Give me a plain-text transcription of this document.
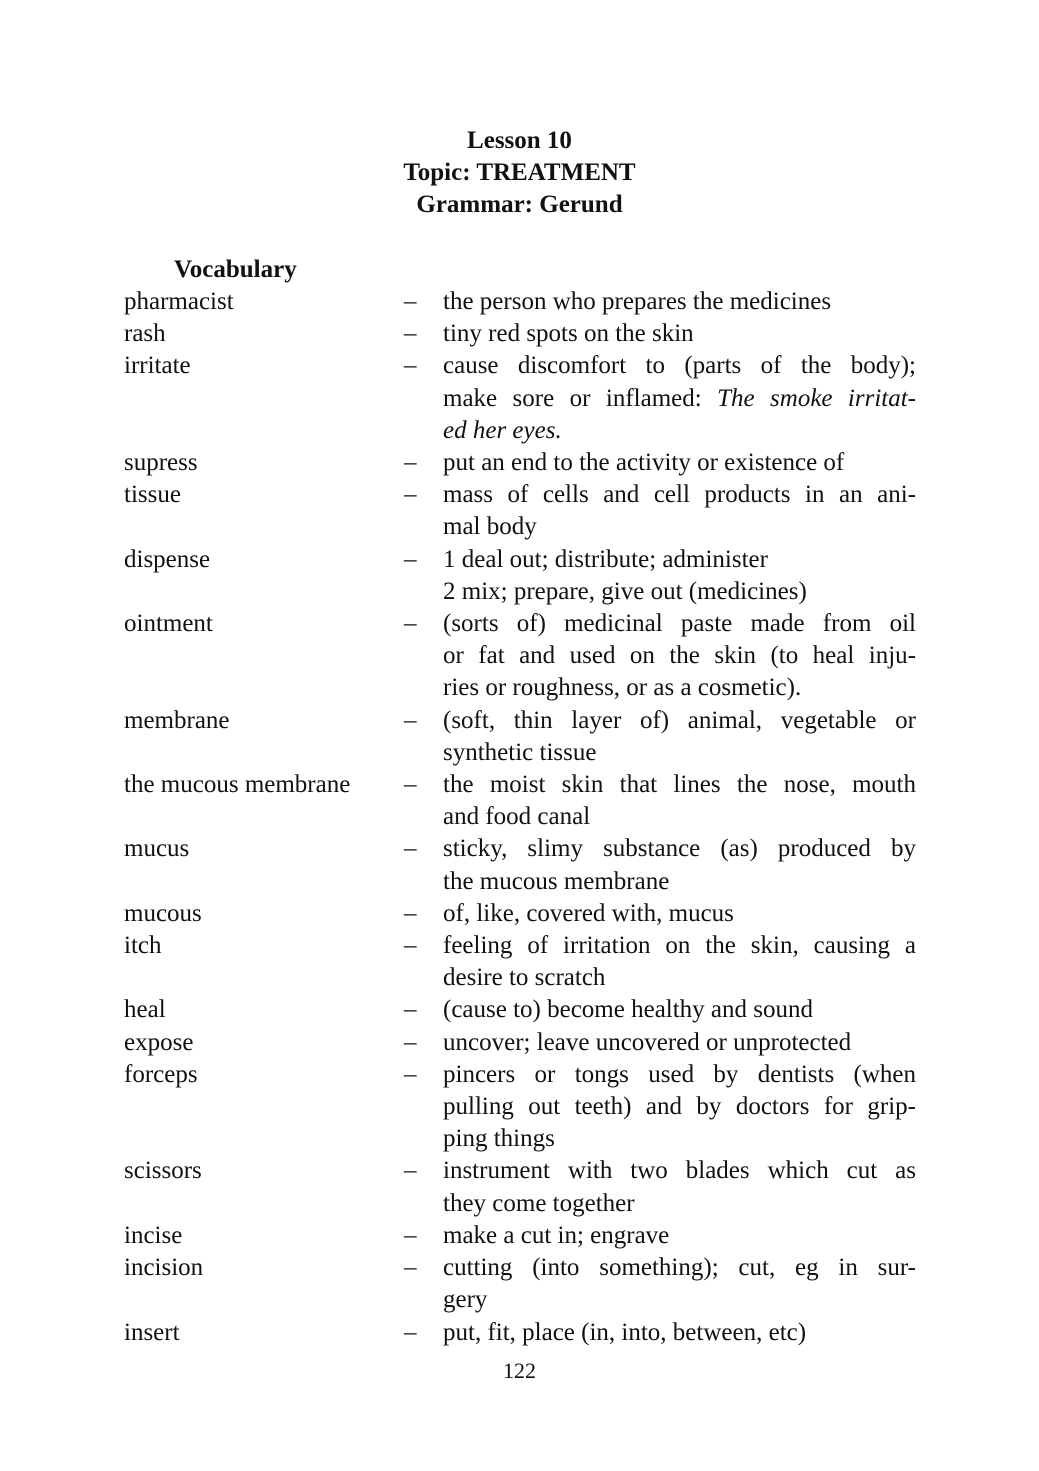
Lesson 10
Topic: TREATMENT
Grammar: Gerund
Vocabulary
pharmacist	–	the person who prepares the medicines
rash	–	tiny red spots on the skin
irritate	–	cause discomfort to (parts of the body);
make sore or inflamed: The smoke irritat-
ed her eyes.
supress	–	put an end to the activity or existence of
tissue	–	mass of cells and cell products in an ani-
mal body
dispense	–	1 deal out; distribute; administer
2 mix; prepare, give out (medicines)
ointment	–	(sorts of) medicinal paste made from oil
or fat and used on the skin (to heal inju-
ries or roughness, or as a cosmetic).
membrane	–	(soft, thin layer of) animal, vegetable or
synthetic tissue
the mucous membrane	–	the moist skin that lines the nose, mouth
and food canal
mucus	–	sticky, slimy substance (as) produced by
the mucous membrane
mucous	–	of, like, covered with, mucus
itch	–	feeling of irritation on the skin, causing a
desire to scratch
heal	–	(cause to) become healthy and sound
expose	–	uncover; leave uncovered or unprotected
forceps	–	pincers or tongs used by dentists (when
pulling out teeth) and by doctors for grip-
ping things
scissors	–	instrument with two blades which cut as
they come together
incise	–	make a cut in; engrave
incision	–	cutting (into something); cut, eg in sur-
gery
insert	–	put, fit, place (in, into, between, etc)
122
